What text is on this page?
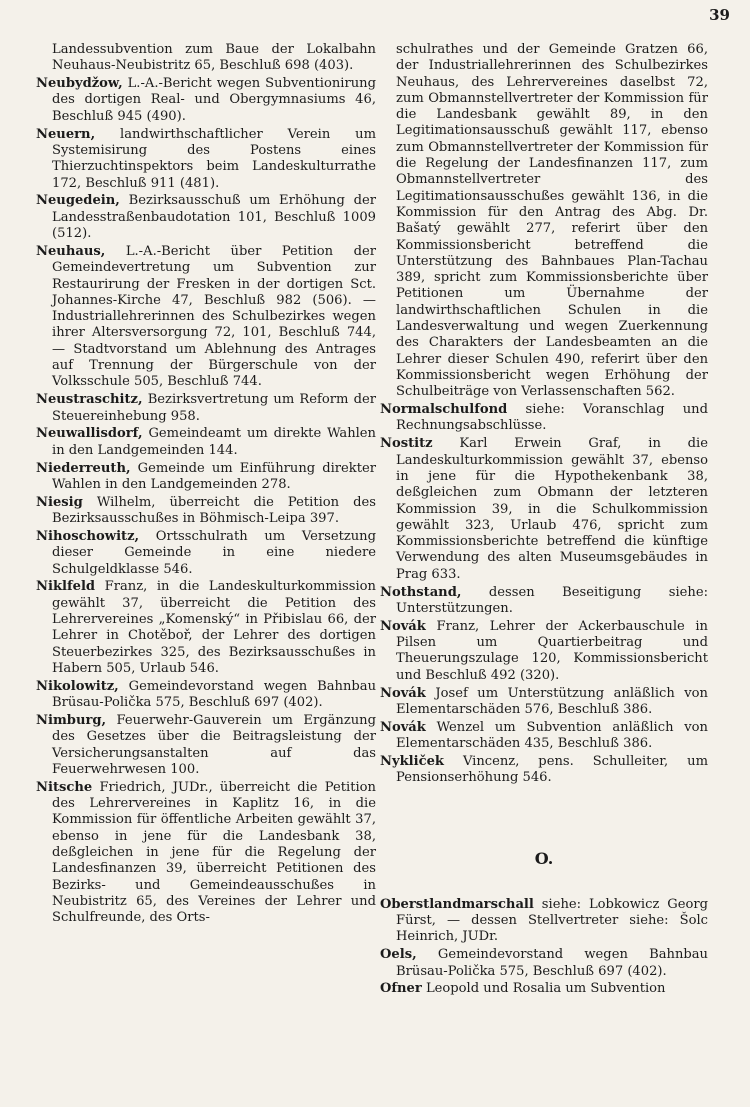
39

Landessubvention zum Baue der Lokalbahn Neuhaus-Neubistritz 65, Beschluß 698 (403).

Neubydžow, L.-A.-Bericht wegen Subventionirung des dortigen Real- und Obergymnasiums 46, Beschluß 945 (490).

Neuern, landwirthschaftlicher Verein um Systemisirung des Postens eines Thierzuchtinspektors beim Landeskulturrathe 172, Beschluß 911 (481).

Neugedein, Bezirksausschuß um Erhöhung der Landesstraßenbaudotation 101, Beschluß 1009 (512).

Neuhaus, L.-A.-Bericht über Petition der Gemeindevertretung um Subvention zur Restaurirung der Fresken in der dortigen Sct. Johannes-Kirche 47, Beschluß 982 (506). — Industriallehrerinnen des Schulbezirkes wegen ihrer Altersversorgung 72, 101, Beschluß 744, — Stadtvorstand um Ablehnung des Antrages auf Trennung der Bürgerschule von der Volksschule 505, Beschluß 744.

Neustraschitz, Bezirksvertretung um Reform der Steuereinhebung 958.

Neuwallisdorf, Gemeindeamt um direkte Wahlen in den Landgemeinden 144.

Niederreuth, Gemeinde um Einführung direkter Wahlen in den Landgemeinden 278.

Niesig Wilhelm, überreicht die Petition des Bezirksausschußes in Böhmisch-Leipa 397.

Nihoschowitz, Ortsschulrath um Versetzung dieser Gemeinde in eine niedere Schulgeldklasse 546.

Niklfeld Franz, in die Landeskulturkommission gewählt 37, überreicht die Petition des Lehrervereines „Komenský“ in Přibislau 66, der Lehrer in Chotěboř, der Lehrer des dortigen Steuerbezirkes 325, des Bezirksausschußes in Habern 505, Urlaub 546.

Nikolowitz, Gemeindevorstand wegen Bahnbau Brüsau-Polička 575, Beschluß 697 (402).

Nimburg, Feuerwehr-Gauverein um Ergänzung des Gesetzes über die Beitragsleistung der Versicherungsanstalten auf das Feuerwehrwesen 100.

Nitsche Friedrich, JUDr., überreicht die Petition des Lehrervereines in Kaplitz 16, in die Kommission für öffentliche Arbeiten gewählt 37, ebenso in jene für die Landesbank 38, deßgleichen in jene für die Regelung der Landesfinanzen 39, überreicht Petitionen des Bezirks- und Gemeindeausschußes in Neubistritz 65, des Vereines der Lehrer und Schulfreunde, des Orts-

schulrathes und der Gemeinde Gratzen 66, der Industriallehrerinnen des Schulbezirkes Neuhaus, des Lehrervereines daselbst 72, zum Obmannstellvertreter der Kommission für die Landesbank gewählt 89, in den Legitimationsausschuß gewählt 117, ebenso zum Obmannstellvertreter der Kommission für die Regelung der Landesfinanzen 117, zum Obmannstellvertreter des Legitimationsausschußes gewählt 136, in die Kommission für den Antrag des Abg. Dr. Bašatý gewählt 277, referirt über den Kommissionsbericht betreffend die Unterstützung des Bahnbaues Plan-Tachau 389, spricht zum Kommissionsberichte über Petitionen um Übernahme der landwirthschaftlichen Schulen in die Landesverwaltung und wegen Zuerkennung des Charakters der Landesbeamten an die Lehrer dieser Schulen 490, referirt über den Kommissionsbericht wegen Erhöhung der Schulbeiträge von Verlassenschaften 562.

Normalschulfond siehe: Voranschlag und Rechnungsabschlüsse.

Nostitz Karl Erwein Graf, in die Landeskulturkommission gewählt 37, ebenso in jene für die Hypothekenbank 38, deßgleichen zum Obmann der letzteren Kommission 39, in die Schulkommission gewählt 323, Urlaub 476, spricht zum Kommissionsberichte betreffend die künftige Verwendung des alten Museumsgebäudes in Prag 633.

Nothstand, dessen Beseitigung siehe: Unterstützungen.

Novák Franz, Lehrer der Ackerbauschule in Pilsen um Quartierbeitrag und Theuerungszulage 120, Kommissionsbericht und Beschluß 492 (320).

Novák Josef um Unterstützung anläßlich von Elementarschäden 576, Beschluß 386.

Novák Wenzel um Subvention anläßlich von Elementarschäden 435, Beschluß 386.

Nykliček Vincenz, pens. Schulleiter, um Pensionserhöhung 546.

O.

Oberstlandmarschall siehe: Lobkowicz Georg Fürst, — dessen Stellvertreter siehe: Šolc Heinrich, JUDr.

Oels, Gemeindevorstand wegen Bahnbau Brüsau-Polička 575, Beschluß 697 (402).

Ofner Leopold und Rosalia um Subvention
